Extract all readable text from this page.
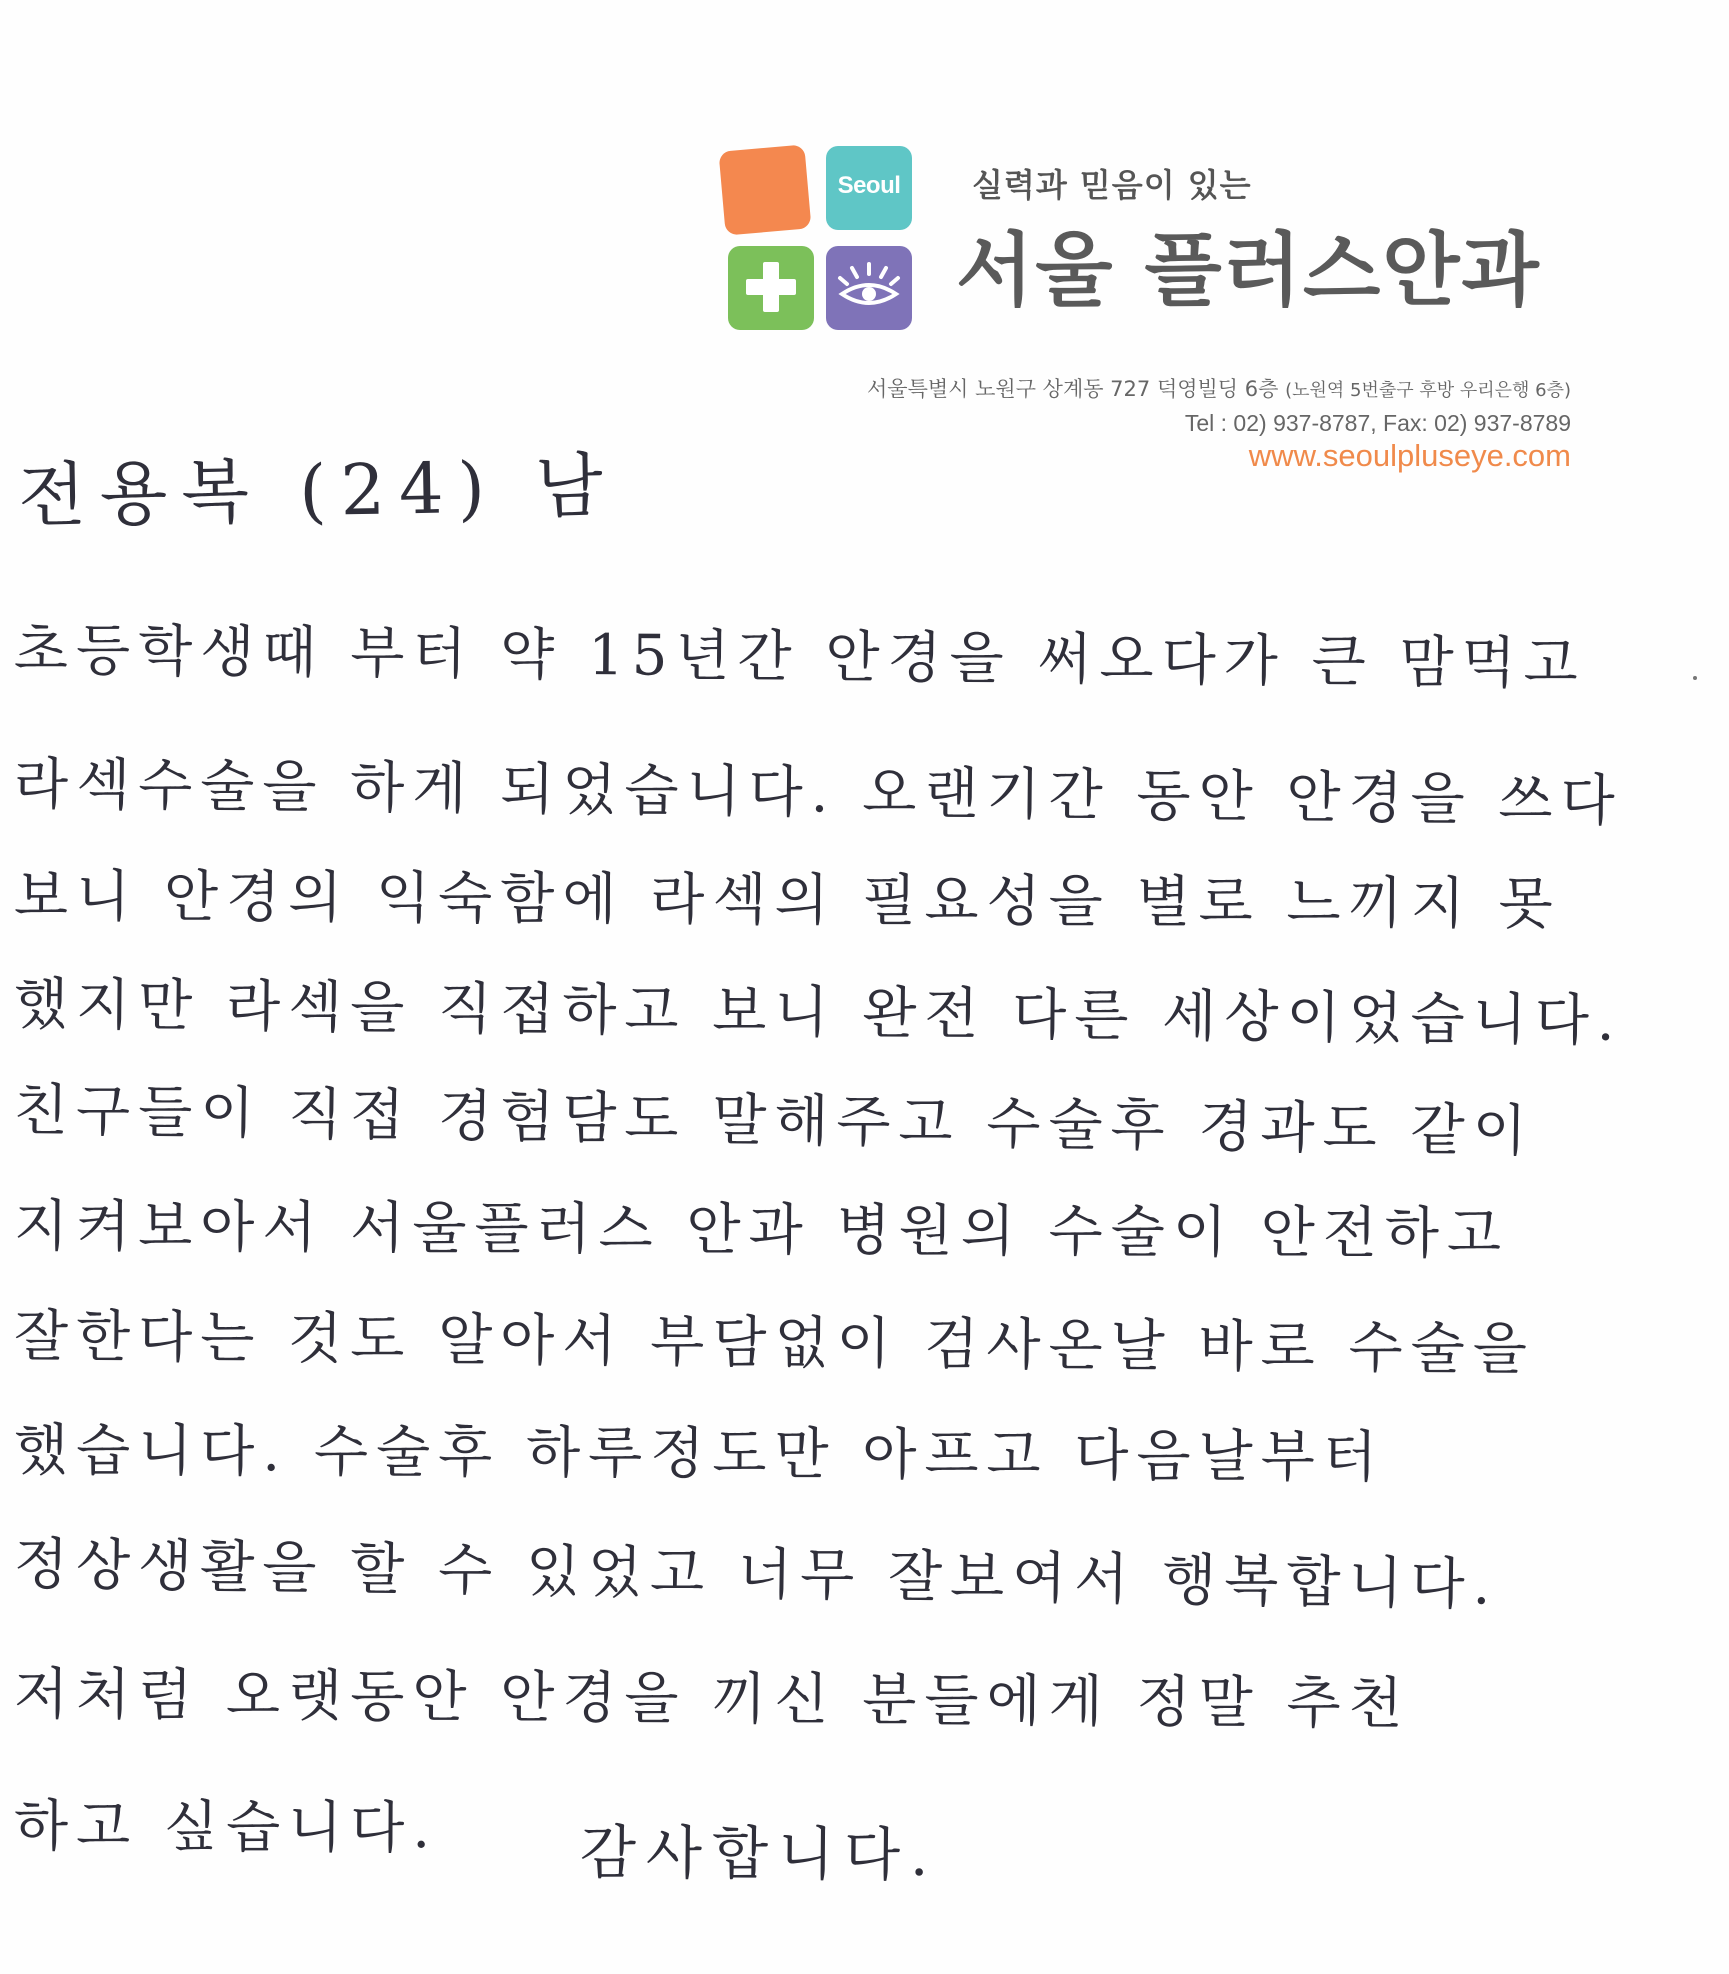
Seoul	실력과 믿음이 있는
서울 플러스안과
서울특별시 노원구 상계동 727 덕영빌딩 6층 (노원역 5번출구 후방 우리은행 6층)
Tel : 02) 937-8787, Fax: 02) 937-8789
www.seoulpluseye.com
전용복 (24) 남
초등학생때 부터 약 15년간 안경을 써오다가 큰 맘먹고
라섹수술을 하게 되었습니다. 오랜기간 동안 안경을 쓰다
보니 안경의 익숙함에 라섹의 필요성을 별로 느끼지 못
했지만 라섹을 직접하고 보니 완전 다른 세상이었습니다.
친구들이 직접 경험담도 말해주고 수술후 경과도 같이
지켜보아서 서울플러스 안과 병원의 수술이 안전하고
잘한다는 것도 알아서 부담없이 검사온날 바로 수술을
했습니다. 수술후 하루정도만 아프고 다음날부터
정상생활을 할 수 있었고 너무 잘보여서 행복합니다.
저처럼 오랫동안 안경을 끼신 분들에게 정말 추천
하고 싶습니다. 감사합니다.
